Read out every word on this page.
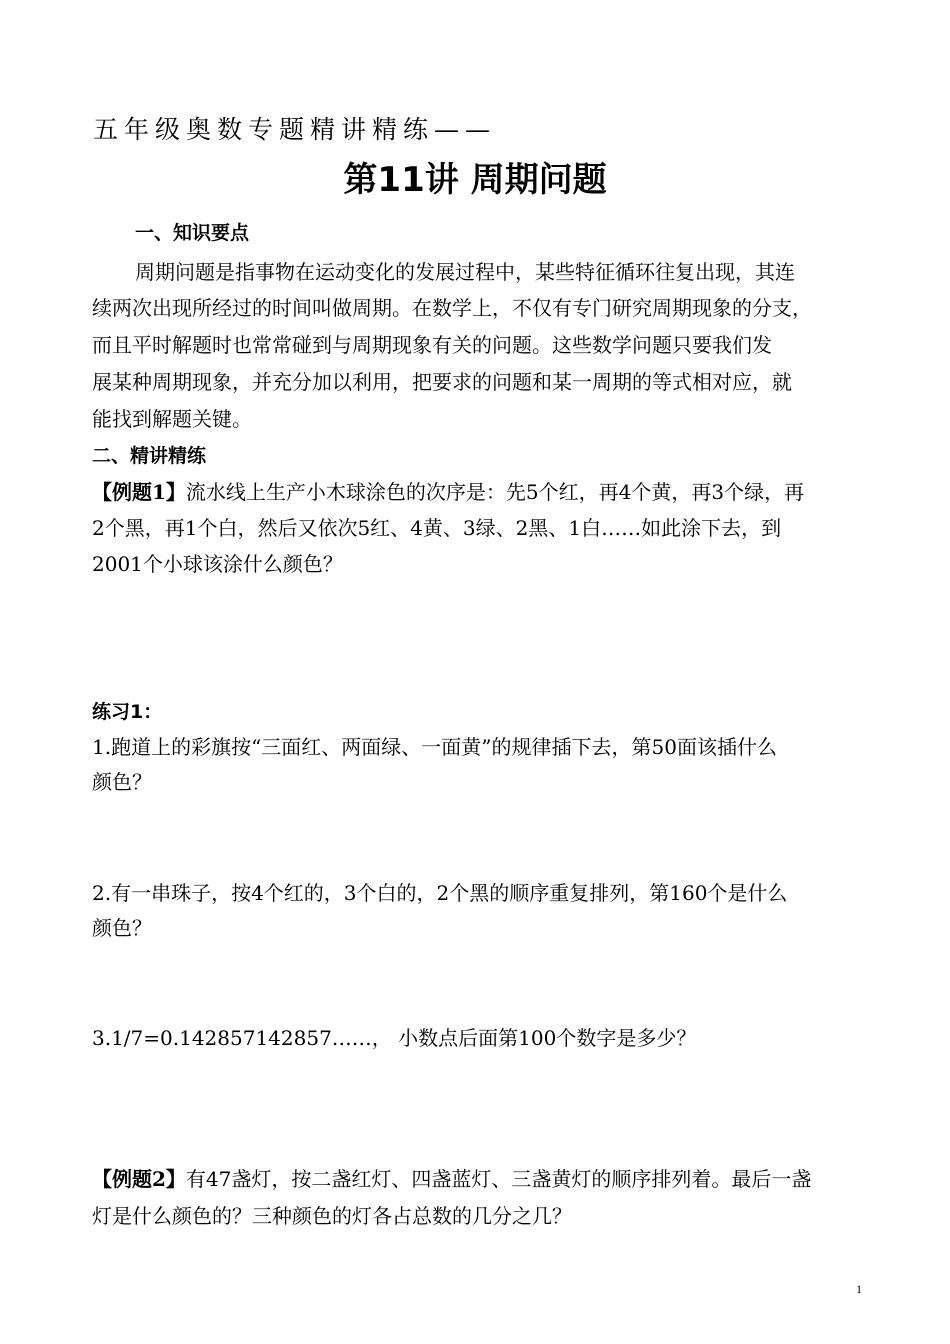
五年级奥数专题精讲精练——
第11讲 周期问题
一、知识要点
周期问题是指事物在运动变化的发展过程中，某些特征循环往复出现，其连
续两次出现所经过的时间叫做周期。在数学上，不仅有专门研究周期现象的分支，
而且平时解题时也常常碰到与周期现象有关的问题。这些数学问题只要我们发
展某种周期现象，并充分加以利用，把要求的问题和某一周期的等式相对应，就
能找到解题关键。
二、精讲精练
【例题1】流水线上生产小木球涂色的次序是：先5个红，再4个黄，再3个绿，再
2个黑，再1个白，然后又依次5红、4黄、3绿、2黑、1白……如此涂下去，到
2001个小球该涂什么颜色？
练习1：
1.跑道上的彩旗按“三面红、两面绿、一面黄”的规律插下去，第50面该插什么
颜色？
2.有一串珠子，按4个红的，3个白的，2个黑的顺序重复排列，第160个是什么
颜色？
3.1/7=0.142857142857……， 小数点后面第100个数字是多少？
【例题2】有47盏灯，按二盏红灯、四盏蓝灯、三盏黄灯的顺序排列着。最后一盏
灯是什么颜色的？三种颜色的灯各占总数的几分之几？
1
